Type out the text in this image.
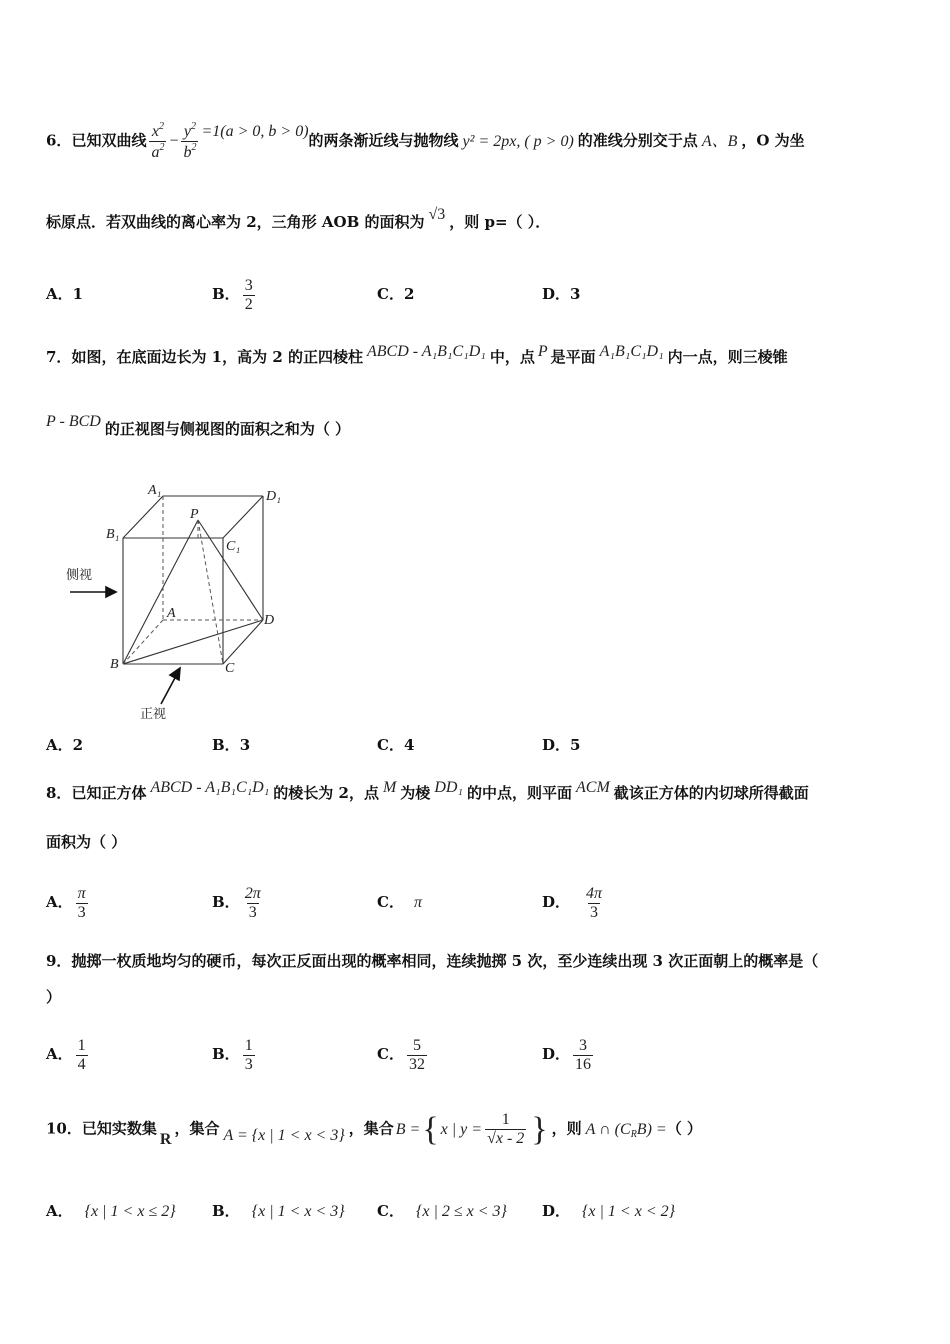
6．已知双曲线 $\frac{x^2}{a^2} - \frac{y^2}{b^2} =1(a > 0$, b > 0)的两条渐近线与抛物线 y² = 2px, ( p > 0) 的准线分别交于点 A、B ，O 为坐
标原点．若双曲线的离心率为 2，三角形 AOB 的面积为 √3 ，则 p=（ ）．
A．1	B． $\frac{3}{2}$	C．2	D．3
7．如图，在底面边长为 1，高为 2 的正四棱柱 ABCD - A₁B₁C₁D₁ 中，点 P 是平面 A₁B₁C₁D₁ 内一点，则三棱锥
P - BCD 的正视图与侧视图的面积之和为（ ）
A₁	D₁
B₁
C₁
P
A	D
B	C
侧视
正视
A．2	B．3	C．4	D．5
8．已知正方体 ABCD - A₁B₁C₁D₁ 的棱长为 2，点 M 为棱 DD₁ 的中点，则平面 ACM 截该正方体的内切球所得截面
面积为（ ）
A． $\frac{\pi}{3}$	B． $\frac{2\pi}{3}$	C． π	D． $\frac{4\pi}{3}$
9．抛掷一枚质地均匀的硬币，每次正反面出现的概率相同，连续抛掷 5 次，至少连续出现 3 次正面朝上的概率是（
）
A． $\frac{1}{4}$	B． $\frac{1}{3}$	C． $\frac{5}{32}$	D． $\frac{3}{16}$
10．已知实数集R，集合 A = {x | 1 < x < 3} ，集合 B = { x | $y = \frac{1}{√x - 2}$ } ，则 A ∩ $(C_RB)$ =（ ）
A． {x | 1 < x ≤ 2} B． {x | 1 < x < 3} C． {x | 2 ≤ x < 3} D． {x | 1 < x < 2}
